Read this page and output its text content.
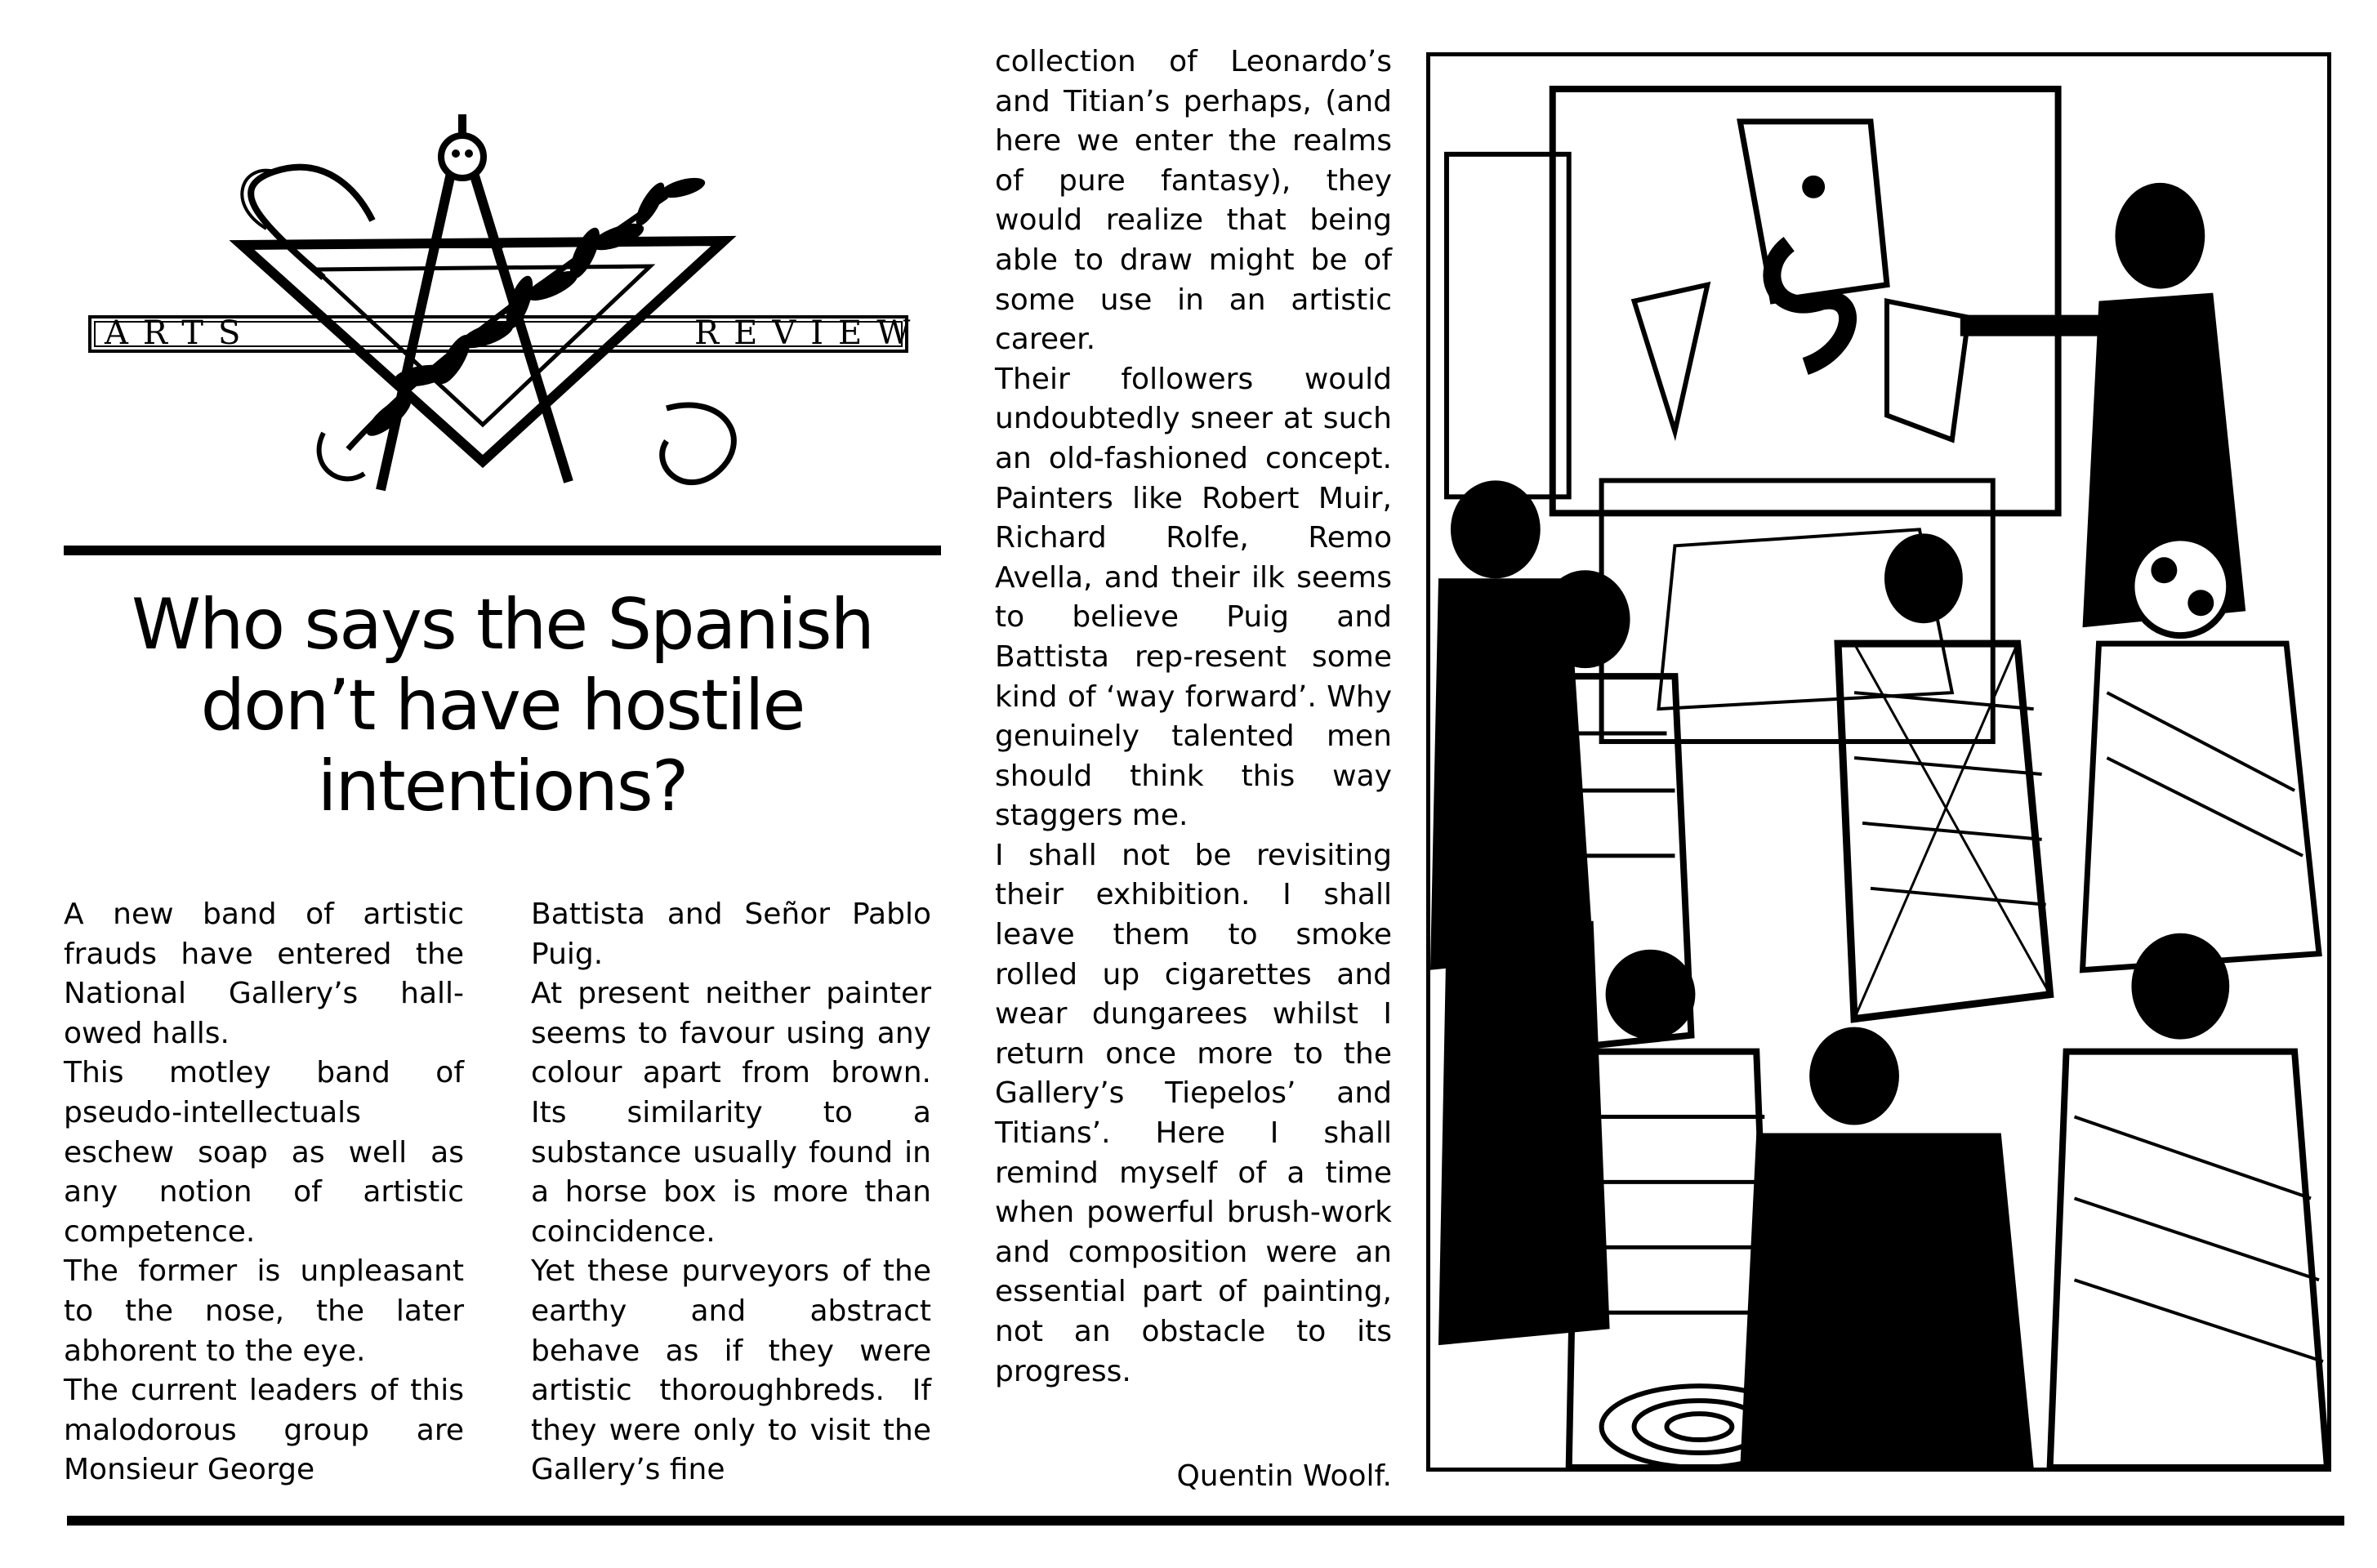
ARTS	REVIEW
Who says the Spanish don’t have hostile intentions?

A new band of artistic frauds have entered the National Gallery’s hall-owed halls.

This motley band of pseudo-intellectuals eschew soap as well as any notion of artistic competence.

The former is unpleasant to the nose, the later abhorent to the eye.

The current leaders of this malodorous group are Monsieur George

Battista and Señor Pablo Puig.

At present neither painter seems to favour using any colour apart from brown. Its similarity to a substance usually found in a horse box is more than coincidence.

Yet these purveyors of the earthy and abstract behave as if they were artistic thoroughbreds. If they were only to visit the Gallery’s fine

collection of Leonardo’s and Titian’s perhaps, (and here we enter the realms of pure fantasy), they would realize that being able to draw might be of some use in an artistic career.

Their followers would undoubtedly sneer at such an old-fashioned concept. Painters like Robert Muir, Richard Rolfe, Remo Avella, and their ilk seems to believe Puig and Battista rep-resent some kind of ‘way forward’. Why genuinely talented men should think this way staggers me.

I shall not be revisiting their exhibition. I shall leave them to smoke rolled up cigarettes and wear dungarees whilst I return once more to the Gallery’s Tiepelos’ and Titians’. Here I shall remind myself of a time when powerful brush-work and composition were an essential part of painting, not an obstacle to its progress.

Quentin Woolf.
